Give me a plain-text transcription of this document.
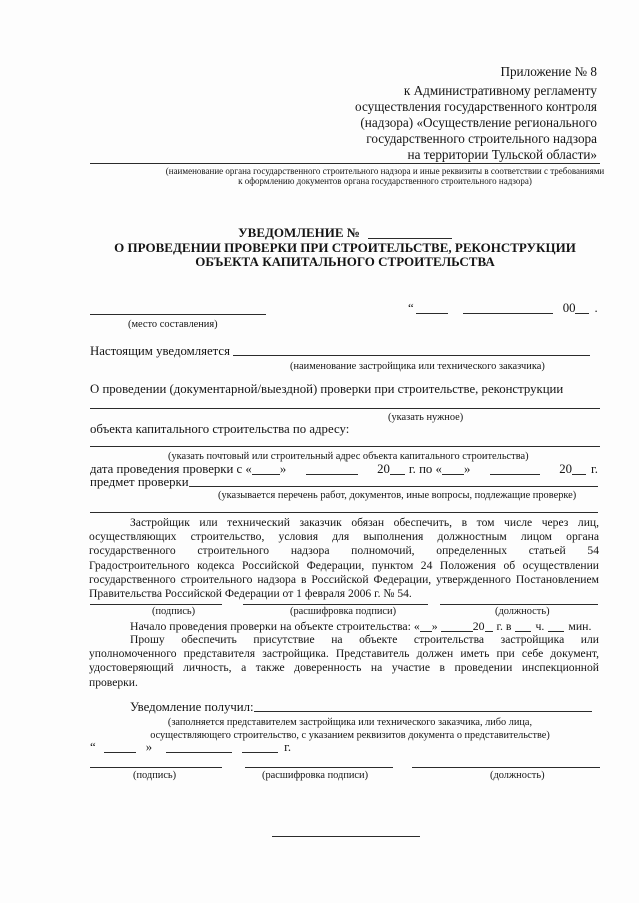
Приложение № 8
к Административному регламенту
осуществления государственного контроля
(надзора) «Осуществление регионального
государственного строительного надзора
на территории Тульской области»
(наименование органа государственного строительного надзора и иные реквизиты в соответствии с требованиями
к оформлению документов органа государственного строительного надзора)
УВЕДОМЛЕНИЕ №
О ПРОВЕДЕНИИ ПРОВЕРКИ ПРИ СТРОИТЕЛЬСТВЕ, РЕКОНСТРУКЦИИ
ОБЪЕКТА КАПИТАЛЬНОГО СТРОИТЕЛЬСТВА
(место составления)
“	00 .
Настоящим уведомляется
(наименование застройщика или технического заказчика)
О проведении (документарной/выездной) проверки при строительстве, реконструкции
(указать нужное)
объекта капитального строительства по адресу:
(указать почтовый или строительный адрес объекта капитального строительства)
дата проведения проверки с « »	20 г. по « »	20 г.
предмет проверки
(указывается перечень работ, документов, иные вопросы, подлежащие проверке)
Застройщик или технический заказчик обязан обеспечить, в том числе через лиц,
осуществляющих строительство, условия для выполнения должностным лицом органа
государственного строительного надзора полномочий, определенных статьей 54
Градостроительного кодекса Российской Федерации, пунктом 24 Положения об осуществлении
государственного строительного надзора в Российской Федерации, утвержденного Постановлением
Правительства Российской Федерации от 1 февраля 2006 г. № 54.
(подпись)	(расшифровка подписи)	(должность)
Начало проведения проверки на объекте строительства: « »	20 г. в ч. мин.
Прошу обеспечить присутствие на объекте строительства застройщика или
уполномоченного представителя застройщика. Представитель должен иметь при себе документ,
удостоверяющий личность, а также доверенность на участие в проведении инспекционной
проверки.
Уведомление получил:
(заполняется представителем застройщика или технического заказчика, либо лица,
осуществляющего строительство, с указанием реквизитов документа о представительстве)
“	»	г.
(подпись)	(расшифровка подписи)	(должность)
